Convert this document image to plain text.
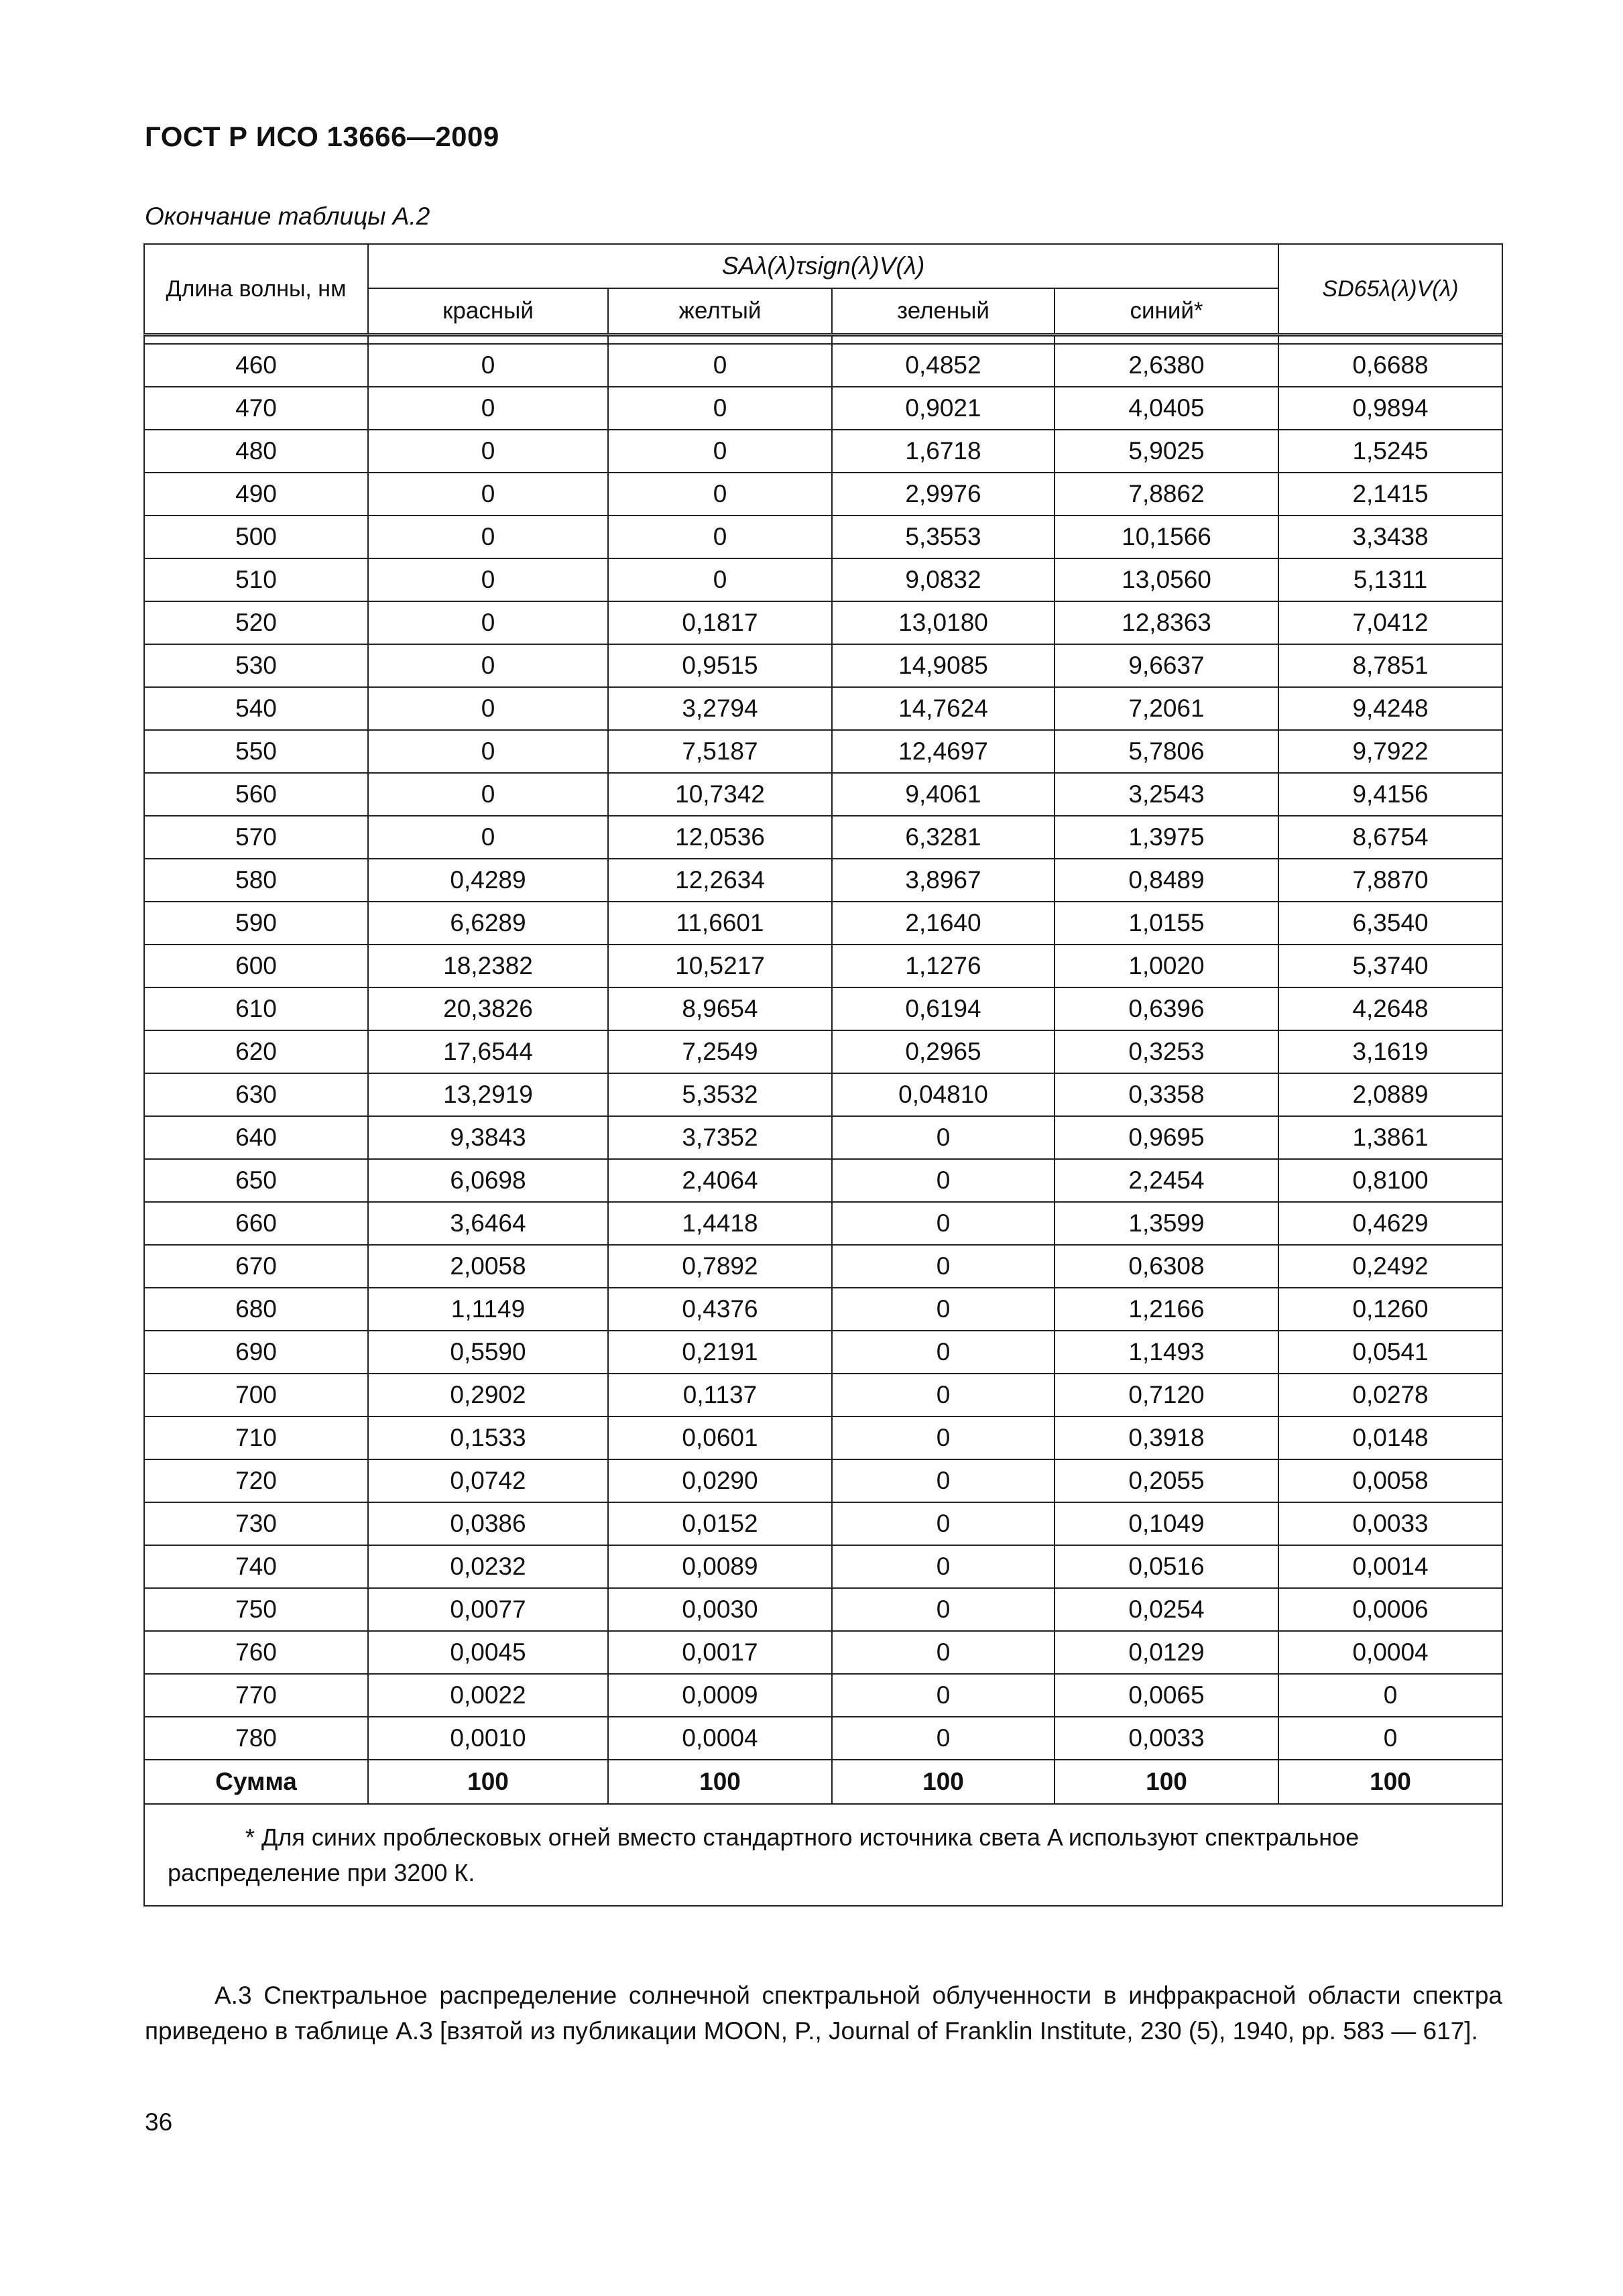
ГОСТ Р ИСО 13666—2009
Окончание таблицы А.2
Длина волны, нм	SAλ(λ)τsign(λ)V(λ)				SD65λ(λ)V(λ)
	красный	желтый	зеленый	синий*	

460	0	0	0,4852	2,6380	0,6688
470	0	0	0,9021	4,0405	0,9894
480	0	0	1,6718	5,9025	1,5245
490	0	0	2,9976	7,8862	2,1415
500	0	0	5,3553	10,1566	3,3438
510	0	0	9,0832	13,0560	5,1311
520	0	0,1817	13,0180	12,8363	7,0412
530	0	0,9515	14,9085	9,6637	8,7851
540	0	3,2794	14,7624	7,2061	9,4248
550	0	7,5187	12,4697	5,7806	9,7922
560	0	10,7342	9,4061	3,2543	9,4156
570	0	12,0536	6,3281	1,3975	8,6754
580	0,4289	12,2634	3,8967	0,8489	7,8870
590	6,6289	11,6601	2,1640	1,0155	6,3540
600	18,2382	10,5217	1,1276	1,0020	5,3740
610	20,3826	8,9654	0,6194	0,6396	4,2648
620	17,6544	7,2549	0,2965	0,3253	3,1619
630	13,2919	5,3532	0,04810	0,3358	2,0889
640	9,3843	3,7352	0	0,9695	1,3861
650	6,0698	2,4064	0	2,2454	0,8100
660	3,6464	1,4418	0	1,3599	0,4629
670	2,0058	0,7892	0	0,6308	0,2492
680	1,1149	0,4376	0	1,2166	0,1260
690	0,5590	0,2191	0	1,1493	0,0541
700	0,2902	0,1137	0	0,7120	0,0278
710	0,1533	0,0601	0	0,3918	0,0148
720	0,0742	0,0290	0	0,2055	0,0058
730	0,0386	0,0152	0	0,1049	0,0033
740	0,0232	0,0089	0	0,0516	0,0014
750	0,0077	0,0030	0	0,0254	0,0006
760	0,0045	0,0017	0	0,0129	0,0004
770	0,0022	0,0009	0	0,0065	0
780	0,0010	0,0004	0	0,0033	0
Сумма	100	100	100	100	100
* Для синих проблесковых огней вместо стандартного источника света A используют спектральное распределение при 3200 К.					
А.3 Спектральное распределение солнечной спектральной облученности в инфракрасной области спектра приведено в таблице А.3 [взятой из публикации MOON, P., Journal of Franklin Institute, 230 (5), 1940, pp. 583 — 617].
36
